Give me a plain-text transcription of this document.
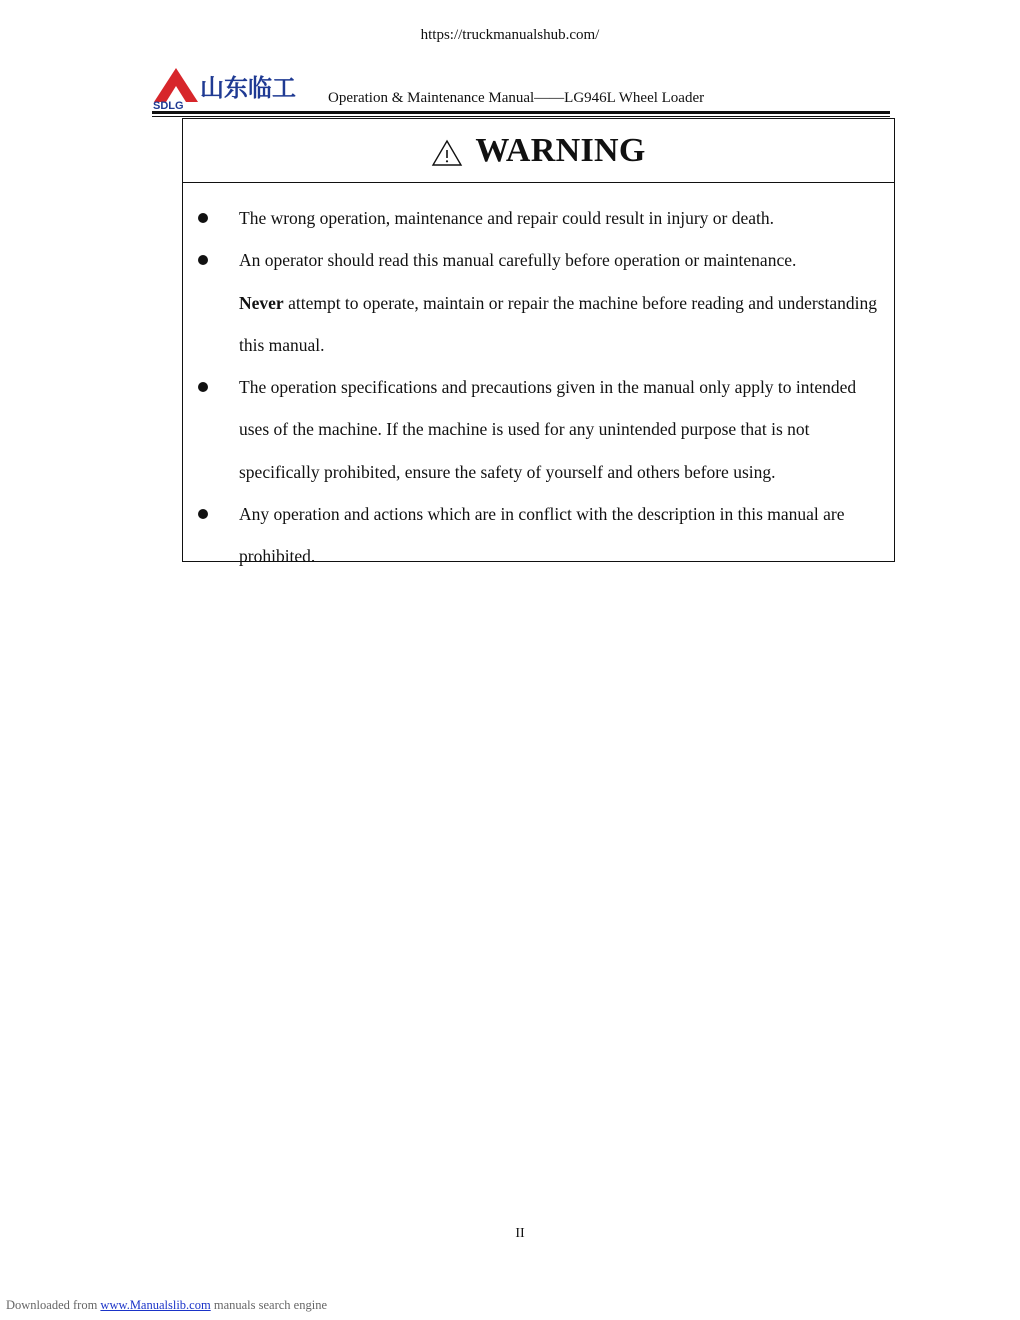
https://truckmanualshub.com/
SDLG
山东临工 Operation & Maintenance Manual——LG946L Wheel Loader
WARNING
The wrong operation, maintenance and repair could result in injury or death.
An operator should read this manual carefully before operation or maintenance.
Never attempt to operate, maintain or repair the machine before reading and understanding this manual.
The operation specifications and precautions given in the manual only apply to intended uses of the machine. If the machine is used for any unintended purpose that is not specifically prohibited, ensure the safety of yourself and others before using.
Any operation and actions which are in conflict with the description in this manual are prohibited.
II
Downloaded from www.Manualslib.com manuals search engine
